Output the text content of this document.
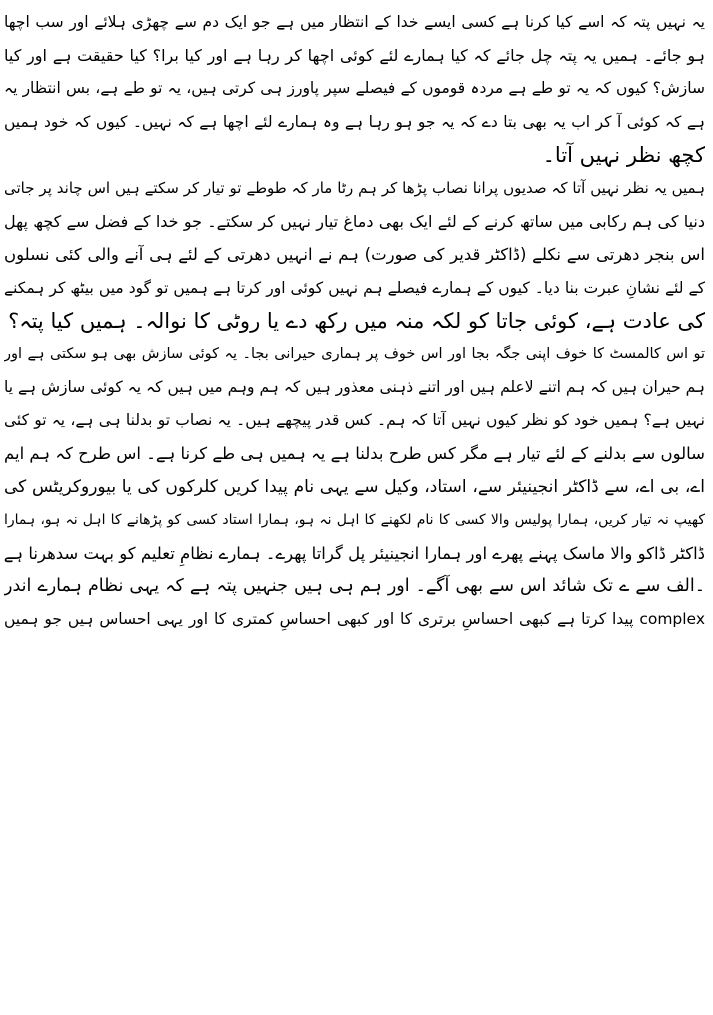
یہ نہیں پتہ کہ اسے کیا کرنا ہے کسی ایسے خدا کے انتظار میں ہے جو ایک دم سے چھڑی ہلائے اور سب اچھا
ہو جائے۔ ہمیں یہ پتہ چل جائے کہ کیا ہمارے لئے کوئی اچھا کر رہا ہے اور کیا برا؟ کیا حقیقت ہے اور کیا
سازش؟ کیوں کہ یہ تو طے ہے مردہ قوموں کے فیصلے سپر پاورز ہی کرتی ہیں، یہ تو طے ہے، بس انتظار یہ
ہے کہ کوئی آ کر اب یہ بھی بتا دے کہ یہ جو ہو رہا ہے وہ ہمارے لئے اچھا ہے کہ نہیں۔ کیوں کہ خود ہمیں
کچھ نظر نہیں آتا۔
ہمیں یہ نظر نہیں آتا کہ صدیوں پرانا نصاب پڑھا کر ہم رٹا مار کہ طوطے تو تیار کر سکتے ہیں اس چاند پر جاتی
دنیا کی ہم رکابی میں ساتھ کرنے کے لئے ایک بھی دماغ تیار نہیں کر سکتے۔ جو خدا کے فضل سے کچھ پھل
اس بنجر دھرتی سے نکلے (ڈاکٹر قدیر کی صورت) ہم نے انہیں دھرتی کے لئے ہی آنے والی کئی نسلوں
کے لئے نشانِ عبرت بنا دیا۔ کیوں کے ہمارے فیصلے ہم نہیں کوئی اور کرتا ہے ہمیں تو گود میں بیٹھ کر ہمکنے
کی عادت ہے، کوئی جاتا کو لکہ منہ میں رکھ دے یا روٹی کا نوالہ۔ ہمیں کیا پتہ؟
تو اس کالمسٹ کا خوف اپنی جگہ بجا اور اس خوف پر ہماری حیرانی بجا۔ یہ کوئی سازش بھی ہو سکتی ہے اور
ہم حیران ہیں کہ ہم اتنے لاعلم ہیں اور اتنے ذہنی معذور ہیں کہ ہم وہم میں ہیں کہ یہ کوئی سازش ہے یا
نہیں ہے؟ ہمیں خود کو نظر کیوں نہیں آتا کہ ہم۔ کس قدر پیچھے ہیں۔ یہ نصاب تو بدلنا ہی ہے، یہ تو کئی
سالوں سے بدلنے کے لئے تیار ہے مگر کس طرح بدلنا ہے یہ ہمیں ہی طے کرنا ہے۔ اس طرح کہ ہم ایم
اے، بی اے، سے ڈاکٹر انجینیئر سے، استاد، وکیل سے یہی نام پیدا کریں کلرکوں کی یا بیوروکریٹس کی
کھیپ نہ تیار کریں، ہمارا پولیس والا کسی کا نام لکھنے کا اہل نہ ہو، ہمارا استاد کسی کو پڑھانے کا اہل نہ ہو، ہمارا
ڈاکٹر ڈاکو والا ماسک پہنے پھرے اور ہمارا انجینیئر پل گراتا پھرے۔ ہمارے نظامِ تعلیم کو بہت سدھرنا ہے
۔الف سے ے تک شائد اس سے بھی آگے۔ اور ہم ہی ہیں جنہیں پتہ ہے کہ یہی نظام ہمارے اندر
complex پیدا کرتا ہے کبھی احساسِ برتری کا اور کبھی احساسِ کمتری کا اور یہی احساس ہیں جو ہمیں
